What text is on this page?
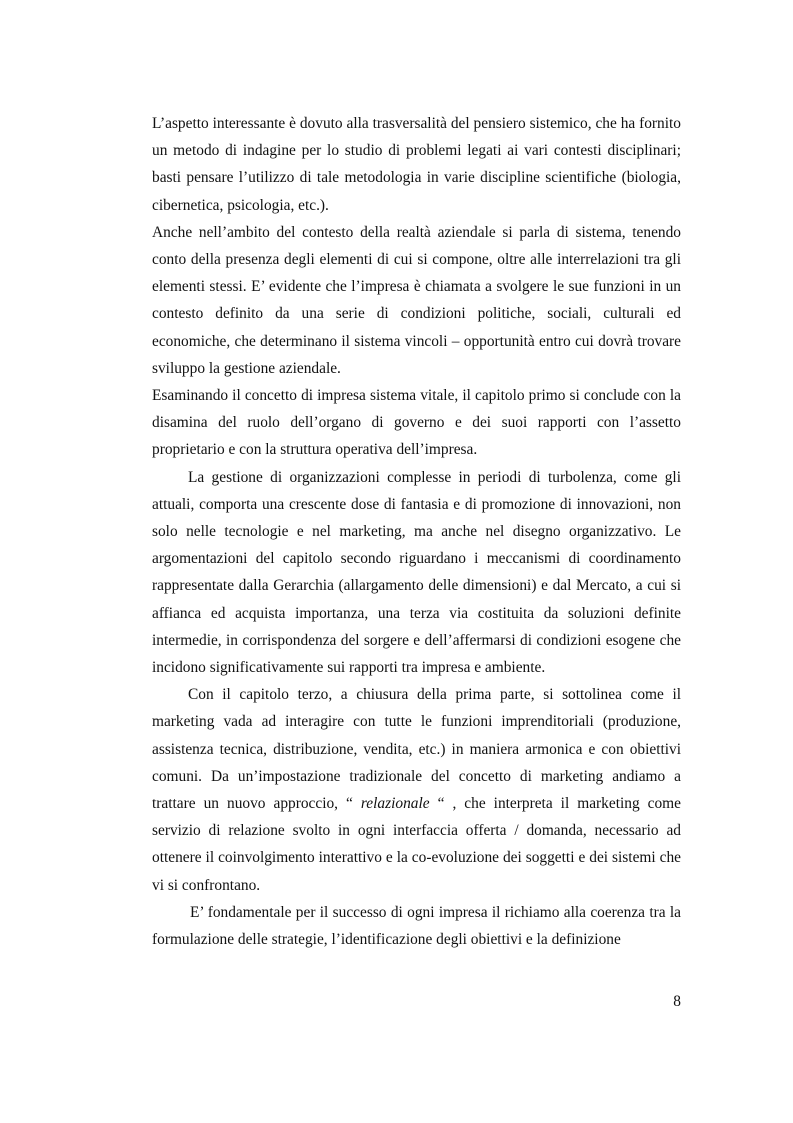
L’aspetto interessante è dovuto alla trasversalità del pensiero sistemico, che ha fornito un metodo di indagine per lo studio di problemi legati ai vari contesti disciplinari; basti pensare l’utilizzo di tale metodologia in varie discipline scientifiche (biologia, cibernetica, psicologia, etc.).

Anche nell’ambito del contesto della realtà aziendale si parla di sistema, tenendo conto della presenza degli elementi di cui si compone, oltre alle interrelazioni tra gli elementi stessi. E’ evidente che l’impresa è chiamata a svolgere le sue funzioni in un contesto definito da una serie di condizioni politiche, sociali, culturali ed economiche, che determinano il sistema vincoli – opportunità entro cui dovrà trovare sviluppo la gestione aziendale.

Esaminando il concetto di impresa sistema vitale, il capitolo primo si conclude con la disamina del ruolo dell’organo di governo e dei suoi rapporti con l’assetto proprietario e con la struttura operativa dell’impresa.

La gestione di organizzazioni complesse in periodi di turbolenza, come gli attuali, comporta una crescente dose di fantasia e di promozione di innovazioni, non solo nelle tecnologie e nel marketing, ma anche nel disegno organizzativo. Le argomentazioni del capitolo secondo riguardano i meccanismi di coordinamento rappresentate dalla Gerarchia (allargamento delle dimensioni) e dal Mercato, a cui si affianca ed acquista importanza, una terza via costituita da soluzioni definite intermedie, in corrispondenza del sorgere e dell’affermarsi di condizioni esogene che incidono significativamente sui rapporti tra impresa e ambiente.

Con il capitolo terzo, a chiusura della prima parte, si sottolinea come il marketing vada ad interagire con tutte le funzioni imprenditoriali (produzione, assistenza tecnica, distribuzione, vendita, etc.) in maniera armonica e con obiettivi comuni. Da un’impostazione tradizionale del concetto di marketing andiamo a trattare un nuovo approccio, “ relazionale “ , che interpreta il marketing come servizio di relazione svolto in ogni interfaccia offerta / domanda, necessario ad ottenere il coinvolgimento interattivo e la co-evoluzione dei soggetti e dei sistemi che vi si confrontano.

E’ fondamentale per il successo di ogni impresa il richiamo alla coerenza tra la formulazione delle strategie, l’identificazione degli obiettivi e la definizione

8
